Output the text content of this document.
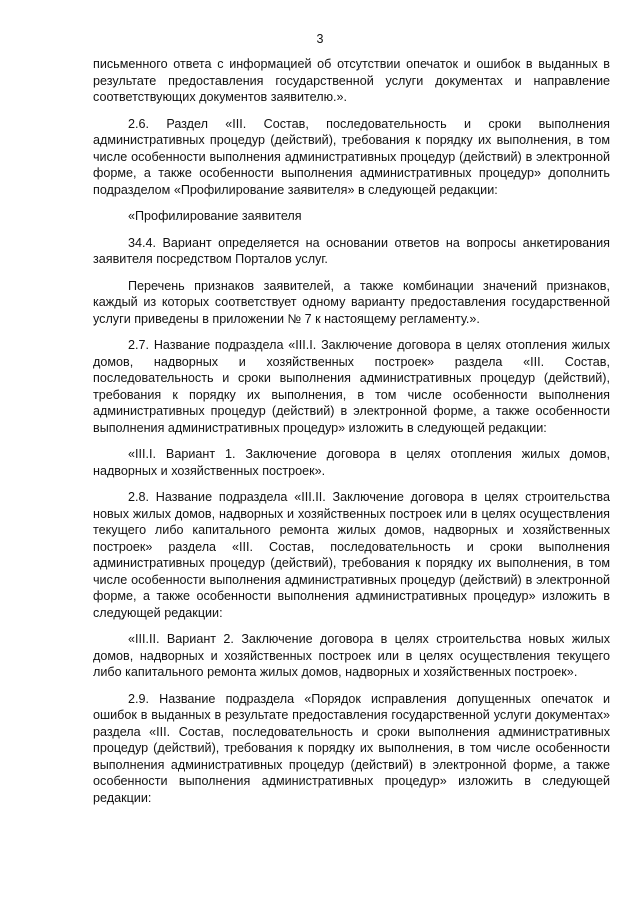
3

письменного ответа с информацией об отсутствии опечаток и ошибок в выданных в результате предоставления государственной услуги документах и направление соответствующих документов заявителю.».

2.6. Раздел «III. Состав, последовательность и сроки выполнения административных процедур (действий), требования к порядку их выполнения, в том числе особенности выполнения административных процедур (действий) в электронной форме, а также особенности выполнения административных процедур» дополнить подразделом «Профилирование заявителя» в следующей редакции:

«Профилирование заявителя

34.4. Вариант определяется на основании ответов на вопросы анкетирования заявителя посредством Порталов услуг.

Перечень признаков заявителей, а также комбинации значений признаков, каждый из которых соответствует одному варианту предоставления государственной услуги приведены в приложении № 7 к настоящему регламенту.».

2.7. Название подраздела «III.I. Заключение договора в целях отопления жилых домов, надворных и хозяйственных построек» раздела «III. Состав, последовательность и сроки выполнения административных процедур (действий), требования к порядку их выполнения, в том числе особенности выполнения административных процедур (действий) в электронной форме, а также особенности выполнения административных процедур» изложить в следующей редакции:

«III.I. Вариант 1. Заключение договора в целях отопления жилых домов, надворных и хозяйственных построек».

2.8. Название подраздела «III.II. Заключение договора в целях строительства новых жилых домов, надворных и хозяйственных построек или в целях осуществления текущего либо капитального ремонта жилых домов, надворных и хозяйственных построек» раздела «III. Состав, последовательность и сроки выполнения административных процедур (действий), требования к порядку их выполнения, в том числе особенности выполнения административных процедур (действий) в электронной форме, а также особенности выполнения административных процедур» изложить в следующей редакции:

«III.II. Вариант 2. Заключение договора в целях строительства новых жилых домов, надворных и хозяйственных построек или в целях осуществления текущего либо капитального ремонта жилых домов, надворных и хозяйственных построек».

2.9. Название подраздела «Порядок исправления допущенных опечаток и ошибок в выданных в результате предоставления государственной услуги документах» раздела «III. Состав, последовательность и сроки выполнения административных процедур (действий), требования к порядку их выполнения, в том числе особенности выполнения административных процедур (действий) в электронной форме, а также особенности выполнения административных процедур» изложить в следующей редакции:
